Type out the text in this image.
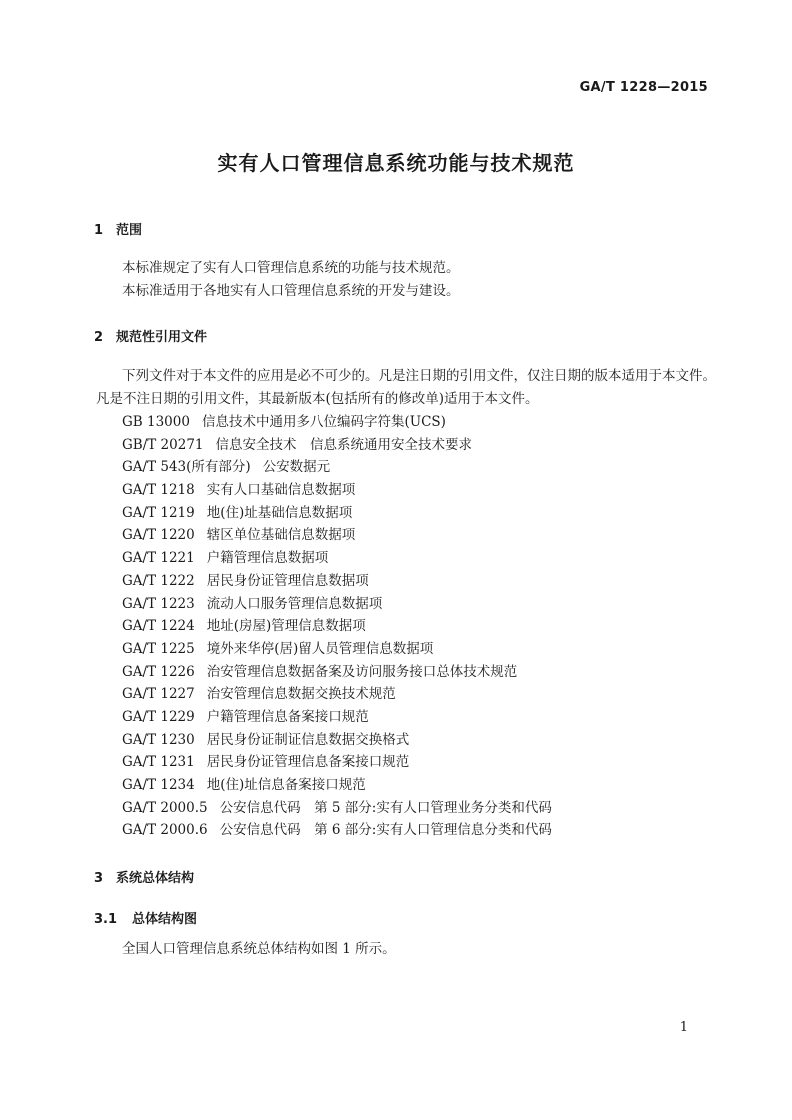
GA/T 1228—2015
实有人口管理信息系统功能与技术规范
1 范围
本标准规定了实有人口管理信息系统的功能与技术规范。
本标准适用于各地实有人口管理信息系统的开发与建设。
2 规范性引用文件
下列文件对于本文件的应用是必不可少的。凡是注日期的引用文件，仅注日期的版本适用于本文件。凡是不注日期的引用文件，其最新版本(包括所有的修改单)适用于本文件。
GB 13000 信息技术中通用多八位编码字符集(UCS)
GB/T 20271 信息安全技术　信息系统通用安全技术要求
GA/T 543(所有部分) 公安数据元
GA/T 1218 实有人口基础信息数据项
GA/T 1219 地(住)址基础信息数据项
GA/T 1220 辖区单位基础信息数据项
GA/T 1221 户籍管理信息数据项
GA/T 1222 居民身份证管理信息数据项
GA/T 1223 流动人口服务管理信息数据项
GA/T 1224 地址(房屋)管理信息数据项
GA/T 1225 境外来华停(居)留人员管理信息数据项
GA/T 1226 治安管理信息数据备案及访问服务接口总体技术规范
GA/T 1227 治安管理信息数据交换技术规范
GA/T 1229 户籍管理信息备案接口规范
GA/T 1230 居民身份证制证信息数据交换格式
GA/T 1231 居民身份证管理信息备案接口规范
GA/T 1234 地(住)址信息备案接口规范
GA/T 2000.5 公安信息代码　第 5 部分:实有人口管理业务分类和代码
GA/T 2000.6 公安信息代码　第 6 部分:实有人口管理信息分类和代码
3 系统总体结构
3.1 总体结构图
全国人口管理信息系统总体结构如图 1 所示。
1
